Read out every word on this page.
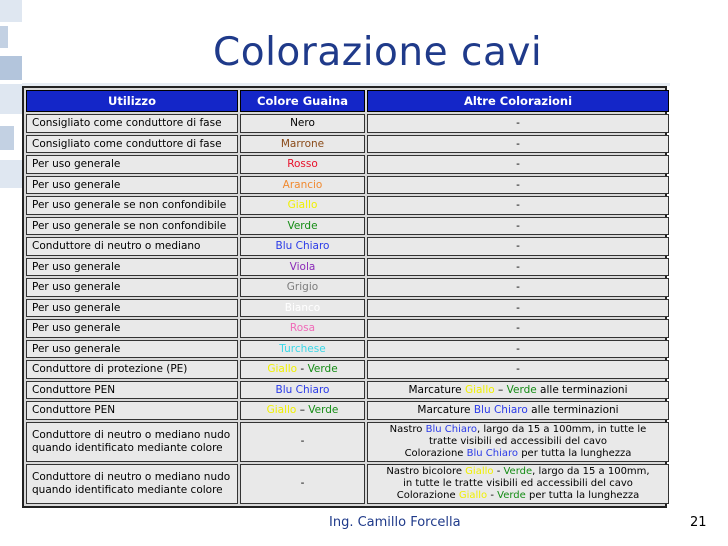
Colorazione cavi
Utilizzo	Colore Guaina	Altre Colorazioni
Consigliato come conduttore di fase	Nero	-
Consigliato come conduttore di fase	Marrone	-
Per uso generale	Rosso	-
Per uso generale	Arancio	-
Per uso generale se non confondibile	Giallo	-
Per uso generale se non confondibile	Verde	-
Conduttore di neutro o mediano	Blu Chiaro	-
Per uso generale	Viola	-
Per uso generale	Grigio	-
Per uso generale	Bianco	-
Per uso generale	Rosa	-
Per uso generale	Turchese	-
Conduttore di protezione (PE)	Giallo - Verde	-
Conduttore PEN	Blu Chiaro	Marcature Giallo – Verde alle terminazioni
Conduttore PEN	Giallo – Verde	Marcature Blu Chiaro alle terminazioni
Conduttore di neutro o mediano nudo quando identificato mediante colore	-	Nastro Blu Chiaro, largo da 15 a 100mm, in tutte le
tratte visibili ed accessibili del cavo
Colorazione Blu Chiaro per tutta la lunghezza

Conduttore di neutro o mediano nudo quando identificato mediante colore	-	Nastro bicolore Giallo - Verde, largo da 15 a 100mm,
in tutte le tratte visibili ed accessibili del cavo
Colorazione Giallo - Verde per tutta la lunghezza
Ing. Camillo Forcella	21
